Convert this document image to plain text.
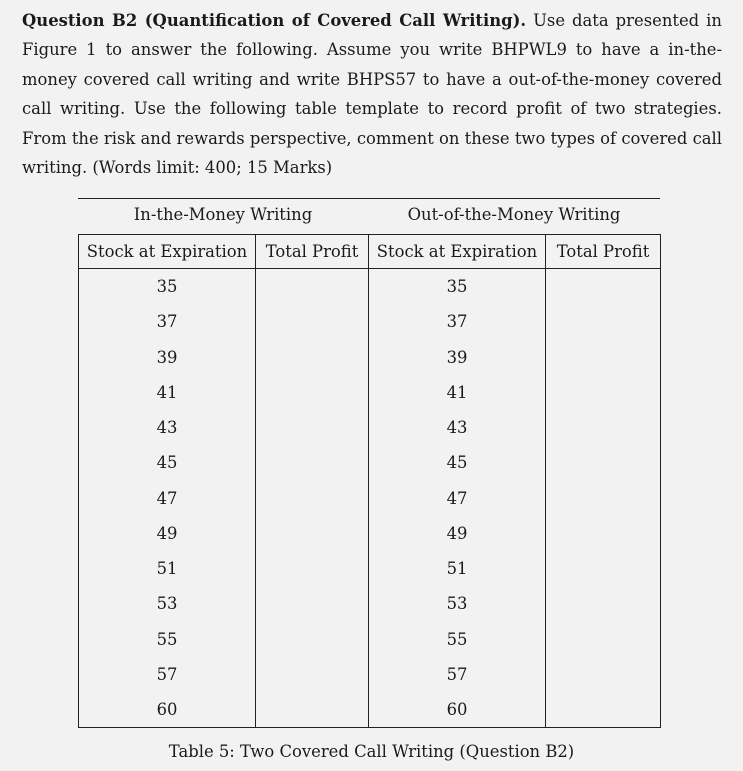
Question B2 (Quantification of Covered Call Writing). Use data presented in Figure 1 to answer the following. Assume you write BHPWL9 to have a in-the-money covered call writing and write BHPS57 to have a out-of-the-money covered call writing. Use the following table template to record profit of two strategies. From the risk and rewards perspective, comment on these two types of covered call writing. (Words limit: 400; 15 Marks)
In-the-Money Writing	Out-of-the-Money Writing
Stock at Expiration	Total Profit	Stock at Expiration	Total Profit
35		35	
37		37	
39		39	
41		41	
43		43	
45		45	
47		47	
49		49	
51		51	
53		53	
55		55	
57		57	
60		60	
Table 5: Two Covered Call Writing (Question B2)
